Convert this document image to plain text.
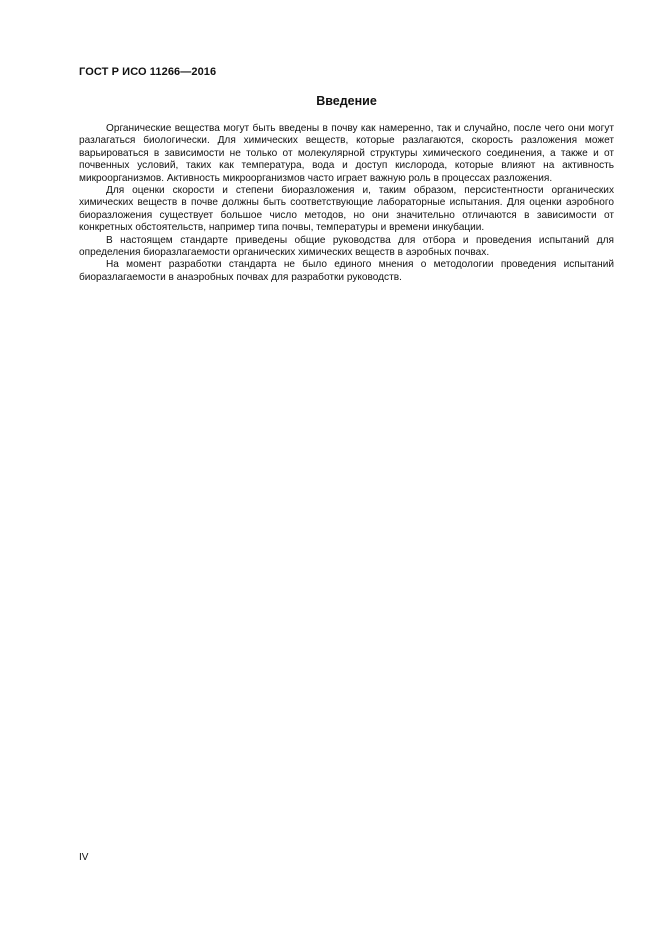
ГОСТ Р ИСО 11266—2016
Введение

Органические вещества могут быть введены в почву как намеренно, так и случайно, после чего они могут разлагаться биологически. Для химических веществ, которые разлагаются, скорость разложения может варьироваться в зависимости не только от молекулярной структуры химического соединения, а также и от почвенных условий, таких как температура, вода и доступ кислорода, которые влияют на активность микроорганизмов. Активность микроорганизмов часто играет важную роль в процессах разложения.

Для оценки скорости и степени биоразложения и, таким образом, персистентности органических химических веществ в почве должны быть соответствующие лабораторные испытания. Для оценки аэробного биоразложения существует большое число методов, но они значительно отличаются в зависимости от конкретных обстоятельств, например типа почвы, температуры и времени инкубации.

В настоящем стандарте приведены общие руководства для отбора и проведения испытаний для определения биоразлагаемости органических химических веществ в аэробных почвах.

На момент разработки стандарта не было единого мнения о методологии проведения испытаний биоразлагаемости в анаэробных почвах для разработки руководств.

IV
